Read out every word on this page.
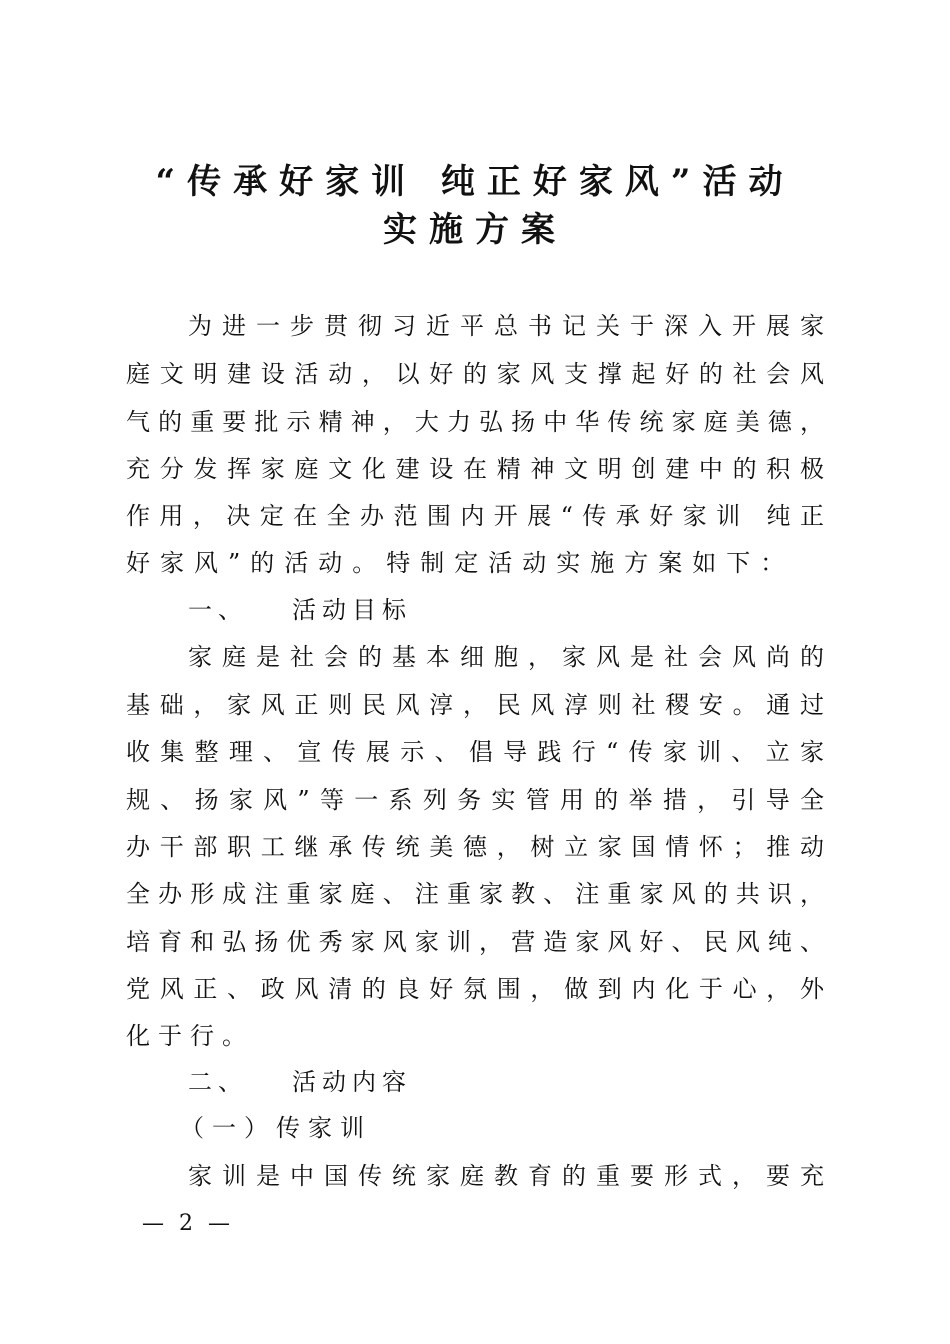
“传承好家训 纯正好家风”活动
实施方案
为进一步贯彻习近平总书记关于深入开展家
庭文明建设活动，以好的家风支撑起好的社会风
气的重要批示精神，大力弘扬中华传统家庭美德，
充分发挥家庭文化建设在精神文明创建中的积极
作用，决定在全办范围内开展“传承好家训 纯正
好家风”的活动。特制定活动实施方案如下：
一、 活动目标
家庭是社会的基本细胞，家风是社会风尚的
基础，家风正则民风淳，民风淳则社稷安。通过
收集整理、宣传展示、倡导践行“传家训、立家
规、扬家风”等一系列务实管用的举措，引导全
办干部职工继承传统美德，树立家国情怀；推动
全办形成注重家庭、注重家教、注重家风的共识，
培育和弘扬优秀家风家训，营造家风好、民风纯、
党风正、政风清的良好氛围，做到内化于心，外
化于行。
二、 活动内容
（一）传家训
家训是中国传统家庭教育的重要形式，要充
— 2 —
